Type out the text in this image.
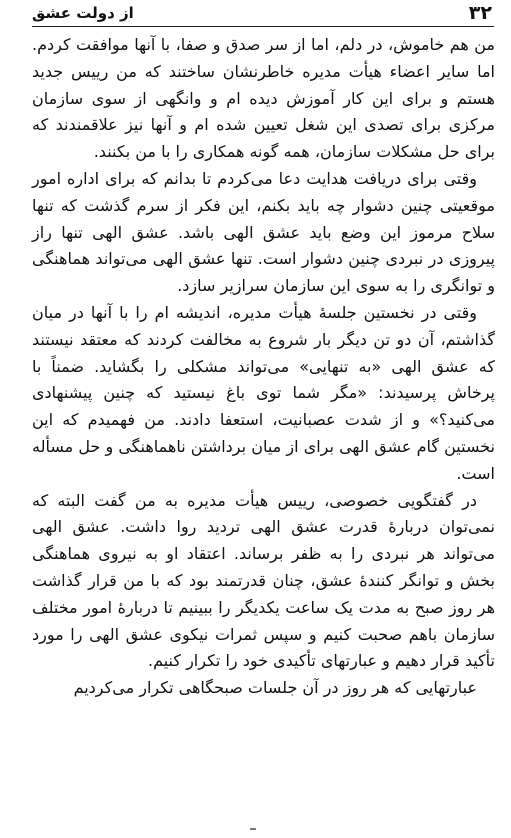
۳۲
از دولت عشق

من هم خاموش، در دلم، اما از سر صدق و صفا، با آنها موافقت کردم. اما سایر اعضاء هیأت مدیره خاطرنشان ساختند که من رییس جدید هستم و برای این کار آموزش دیده ام و وانگهی از سوی سازمان مرکزی برای تصدی این شغل تعیین شده ام و آنها نیز علاقمندند که برای حل مشکلات سازمان، همه گونه همکاری را با من بکنند.

وقتی برای دریافت هدایت دعا می‌کردم تا بدانم که برای اداره امور موقعیتی چنین دشوار چه باید بکنم، این فکر از سرم گذشت که تنها سلاح مرموز این وضع باید عشق الهی باشد. عشق الهی تنها راز پیروزی در نبردی چنین دشوار است. تنها عشق الهی می‌تواند هماهنگی و توانگری را به سوی این سازمان سرازیر سازد.

وقتی در نخستین جلسهٔ هیأت مدیره، اندیشه ام را با آنها در میان گذاشتم، آن دو تن دیگر بار شروع به مخالفت کردند که معتقد نیستند که عشق الهی «به تنهایی» می‌تواند مشکلی را بگشاید. ضمناً با پرخاش پرسیدند: «مگر شما توی باغ نیستید که چنین پیشنهادی می‌کنید؟» و از شدت عصبانیت، استعفا دادند. من فهمیدم که این نخستین گام عشق الهی برای از میان برداشتن ناهماهنگی و حل مسأله است.

در گفتگویی خصوصی، رییس هیأت مدیره به من گفت البته که نمی‌توان دربارهٔ قدرت عشق الهی تردید روا داشت. عشق الهی می‌تواند هر نبردی را به ظفر برساند. اعتقاد او به نیروی هماهنگی بخش و توانگر کنندهٔ عشق، چنان قدرتمند بود که با من قرار گذاشت هر روز صبح به مدت یک ساعت یکدیگر را ببینیم تا دربارهٔ امور مختلف سازمان باهم صحبت کنیم و سپس ثمرات نیکوی عشق الهی را مورد تأکید قرار دهیم و عبارتهای تأکیدی خود را تکرار کنیم.

عبارتهایی که هر روز در آن جلسات صبحگاهی تکرار می‌کردیم
